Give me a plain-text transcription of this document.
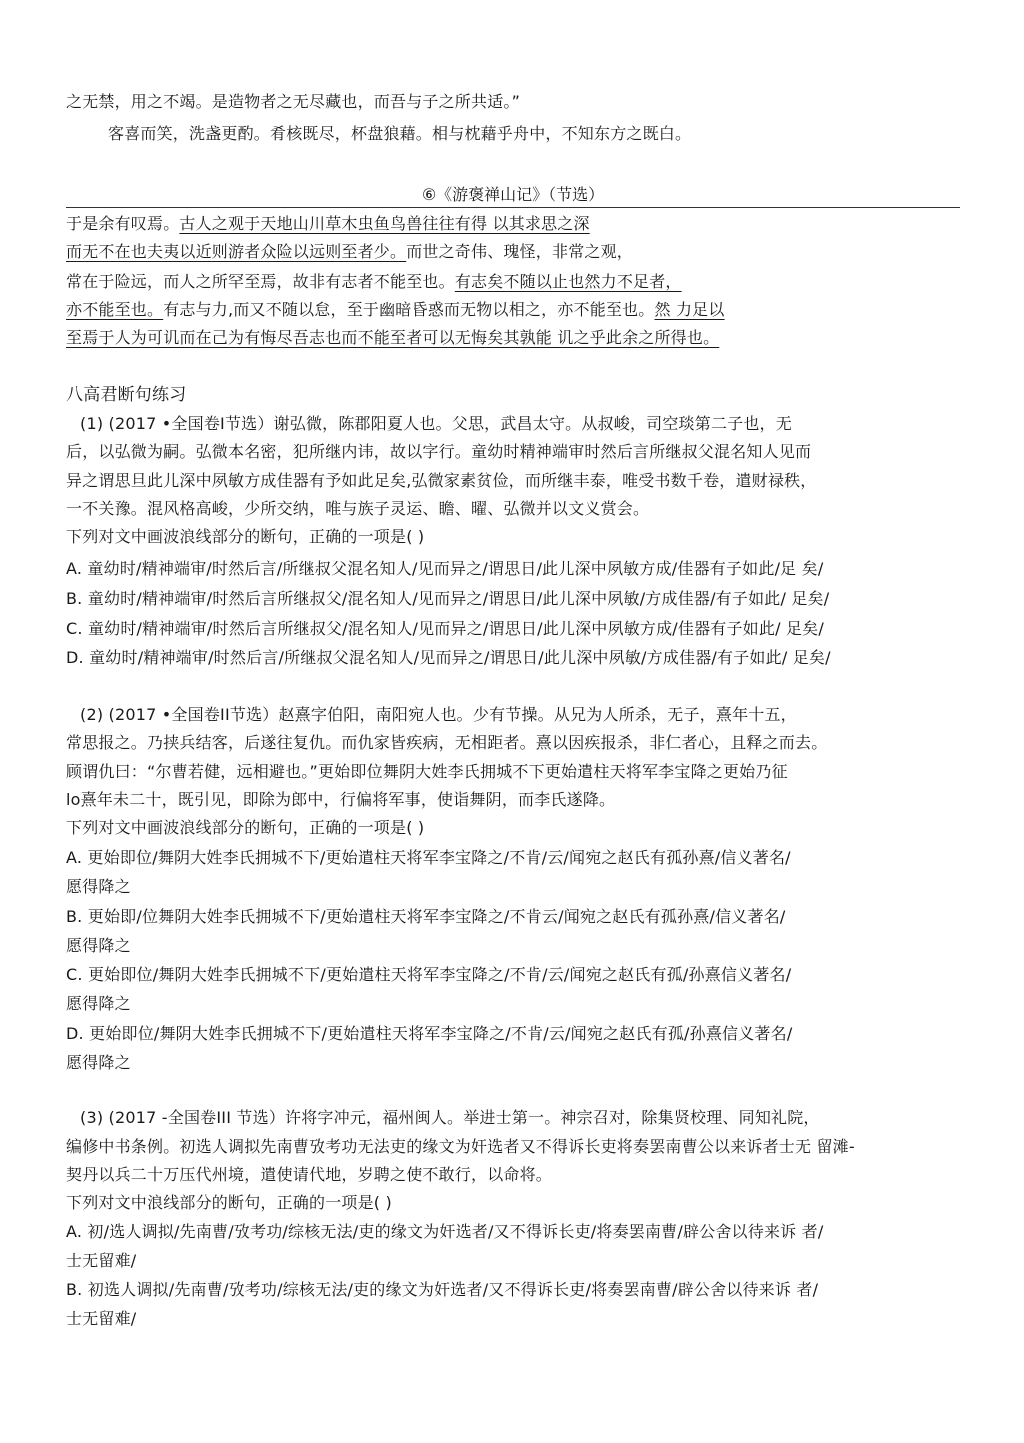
之无禁，用之不竭。是造物者之无尽藏也，而吾与子之所共适。”
客喜而笑，洗盏更酌。肴核既尽，杯盘狼藉。相与枕藉乎舟中，不知东方之既白。
⑥《游褒禅山记》（节选）
于是余有叹焉。古人之观于天地山川草木虫鱼鸟兽往往有得 以其求思之深
而无不在也夫夷以近则游者众险以远则至者少。而世之奇伟、瑰怪，非常之观，
常在于险远，而人之所罕至焉，故非有志者不能至也。有志矣不随以止也然力不足者，
亦不能至也。有志与力,而又不随以怠，至于幽暗昏惑而无物以相之，亦不能至也。然 力足以
至焉于人为可讥而在己为有悔尽吾志也而不能至者可以无悔矣其孰能 讥之乎此余之所得也。
八高君断句练习
(1) (2017 •全国卷I节选）谢弘微，陈郡阳夏人也。父思，武昌太守。从叔峻，司空琰第二子也，无
后，以弘微为嗣。弘微本名密，犯所继内讳，故以字行。童幼时精神端审时然后言所继叔父混名知人见而
异之谓思旦此儿深中夙敏方成佳器有予如此足矣,弘微家素贫俭，而所继丰泰，唯受书数千卷，遣财禄秩，
一不关豫。混风格高峻，少所交纳，唯与族子灵运、瞻、曜、弘微并以文义赏会。
下列对文中画波浪线部分的断句，正确的一项是( )
A. 童幼时/精神端审/时然后言/所继叔父混名知人/见而异之/谓思日/此儿深中夙敏方成/佳器有子如此/足 矣/
B. 童幼时/精神端审/时然后言所继叔父/混名知人/见而异之/谓思日/此儿深中夙敏/方成佳器/有子如此/ 足矣/
C. 童幼时/精神端审/时然后言所继叔父/混名知人/见而异之/谓思日/此儿深中夙敏方成/佳器有子如此/ 足矣/
D. 童幼时/精神端审/时然后言/所继叔父混名知人/见而异之/谓思日/此儿深中夙敏/方成佳器/有子如此/ 足矣/
(2) (2017 •全国卷II节选）赵熹字伯阳，南阳宛人也。少有节操。从兄为人所杀，无子，熹年十五，
常思报之。乃挟兵结客，后遂往复仇。而仇家皆疾病，无相距者。熹以因疾报杀，非仁者心，且释之而去。
顾谓仇曰：“尔曹若健，远相避也。”更始即位舞阴大姓李氏拥城不下更始遣柱天将军李宝降之更始乃征
lo熹年未二十，既引见，即除为郎中，行偏将军事，使诣舞阴，而李氏遂降。
下列对文中画波浪线部分的断句，正确的一项是( )
A. 更始即位/舞阴大姓李氏拥城不下/更始遣柱天将军李宝降之/不肯/云/闻宛之赵氏有孤孙熹/信义著名/
愿得降之
B. 更始即/位舞阴大姓李氏拥城不下/更始遣柱天将军李宝降之/不肯云/闻宛之赵氏有孤孙熹/信义著名/
愿得降之
C. 更始即位/舞阴大姓李氏拥城不下/更始遣柱天将军李宝降之/不肯/云/闻宛之赵氏有孤/孙熹信义著名/
愿得降之
D. 更始即位/舞阴大姓李氏拥城不下/更始遣柱天将军李宝降之/不肯/云/闻宛之赵氏有孤/孙熹信义著名/
愿得降之
(3) (2017 -全国卷III 节选）许将字冲元，福州闽人。举进士第一。神宗召对，除集贤校理、同知礼院，
编修中书条例。初选人调拟先南曹攷考功无法吏的缘文为奸选者又不得诉长吏将奏罢南曹公以来诉者士无 留滩-
契丹以兵二十万压代州境，遣使请代地，岁聘之使不敢行，以命将。
下列对文中浪线部分的断句，正确的一项是( )
A. 初/选人调拟/先南曹/攷考功/综核无法/吏的缘文为奸选者/又不得诉长吏/将奏罢南曹/辟公舍以待来诉 者/
士无留难/
B. 初选人调拟/先南曹/攷考功/综核无法/吏的缘文为奸选者/又不得诉长吏/将奏罢南曹/辟公舍以待来诉 者/
士无留难/
